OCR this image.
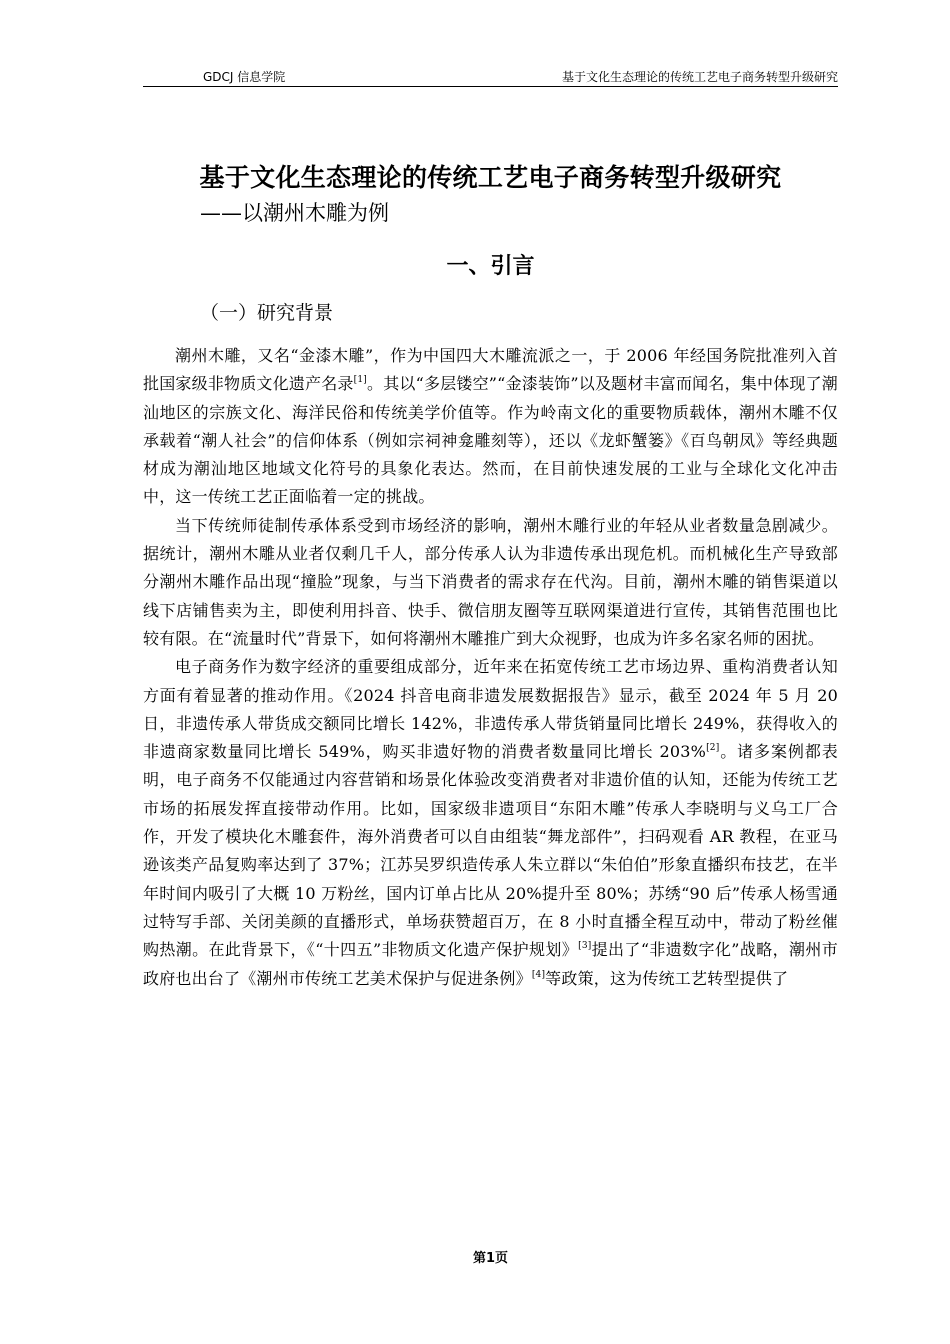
GDCJ 信息学院	基于文化生态理论的传统工艺电子商务转型升级研究
基于文化生态理论的传统工艺电子商务转型升级研究
——以潮州木雕为例
一、引言
（一）研究背景

潮州木雕，又名“金漆木雕”，作为中国四大木雕流派之一，于 2006 年经国务院批准列入首批国家级非物质文化遗产名录[1]。其以“多层镂空”“金漆装饰”以及题材丰富而闻名，集中体现了潮汕地区的宗族文化、海洋民俗和传统美学价值等。作为岭南文化的重要物质载体，潮州木雕不仅承载着“潮人社会”的信仰体系（例如宗祠神龛雕刻等），还以《龙虾蟹篓》《百鸟朝凤》等经典题材成为潮汕地区地域文化符号的具象化表达。然而，在目前快速发展的工业与全球化文化冲击中，这一传统工艺正面临着一定的挑战。

当下传统师徒制传承体系受到市场经济的影响，潮州木雕行业的年轻从业者数量急剧减少。据统计，潮州木雕从业者仅剩几千人，部分传承人认为非遗传承出现危机。而机械化生产导致部分潮州木雕作品出现“撞脸”现象，与当下消费者的需求存在代沟。目前，潮州木雕的销售渠道以线下店铺售卖为主，即使利用抖音、快手、微信朋友圈等互联网渠道进行宣传，其销售范围也比较有限。在“流量时代”背景下，如何将潮州木雕推广到大众视野，也成为许多名家名师的困扰。

电子商务作为数字经济的重要组成部分，近年来在拓宽传统工艺市场边界、重构消费者认知方面有着显著的推动作用。《2024 抖音电商非遗发展数据报告》显示，截至 2024 年 5 月 20 日，非遗传承人带货成交额同比增长 142%，非遗传承人带货销量同比增长 249%，获得收入的非遗商家数量同比增长 549%，购买非遗好物的消费者数量同比增长 203%[2]。诸多案例都表明，电子商务不仅能通过内容营销和场景化体验改变消费者对非遗价值的认知，还能为传统工艺市场的拓展发挥直接带动作用。比如，国家级非遗项目“东阳木雕”传承人李晓明与义乌工厂合作，开发了模块化木雕套件，海外消费者可以自由组装“舞龙部件”，扫码观看 AR 教程，在亚马逊该类产品复购率达到了 37%；江苏吴罗织造传承人朱立群以“朱伯伯”形象直播织布技艺，在半年时间内吸引了大概 10 万粉丝，国内订单占比从 20%提升至 80%；苏绣“90 后”传承人杨雪通过特写手部、关闭美颜的直播形式，单场获赞超百万，在 8 小时直播全程互动中，带动了粉丝催购热潮。在此背景下，《“十四五”非物质文化遗产保护规划》[3]提出了“非遗数字化”战略，潮州市政府也出台了《潮州市传统工艺美术保护与促进条例》[4]等政策，这为传统工艺转型提供了

第1页
